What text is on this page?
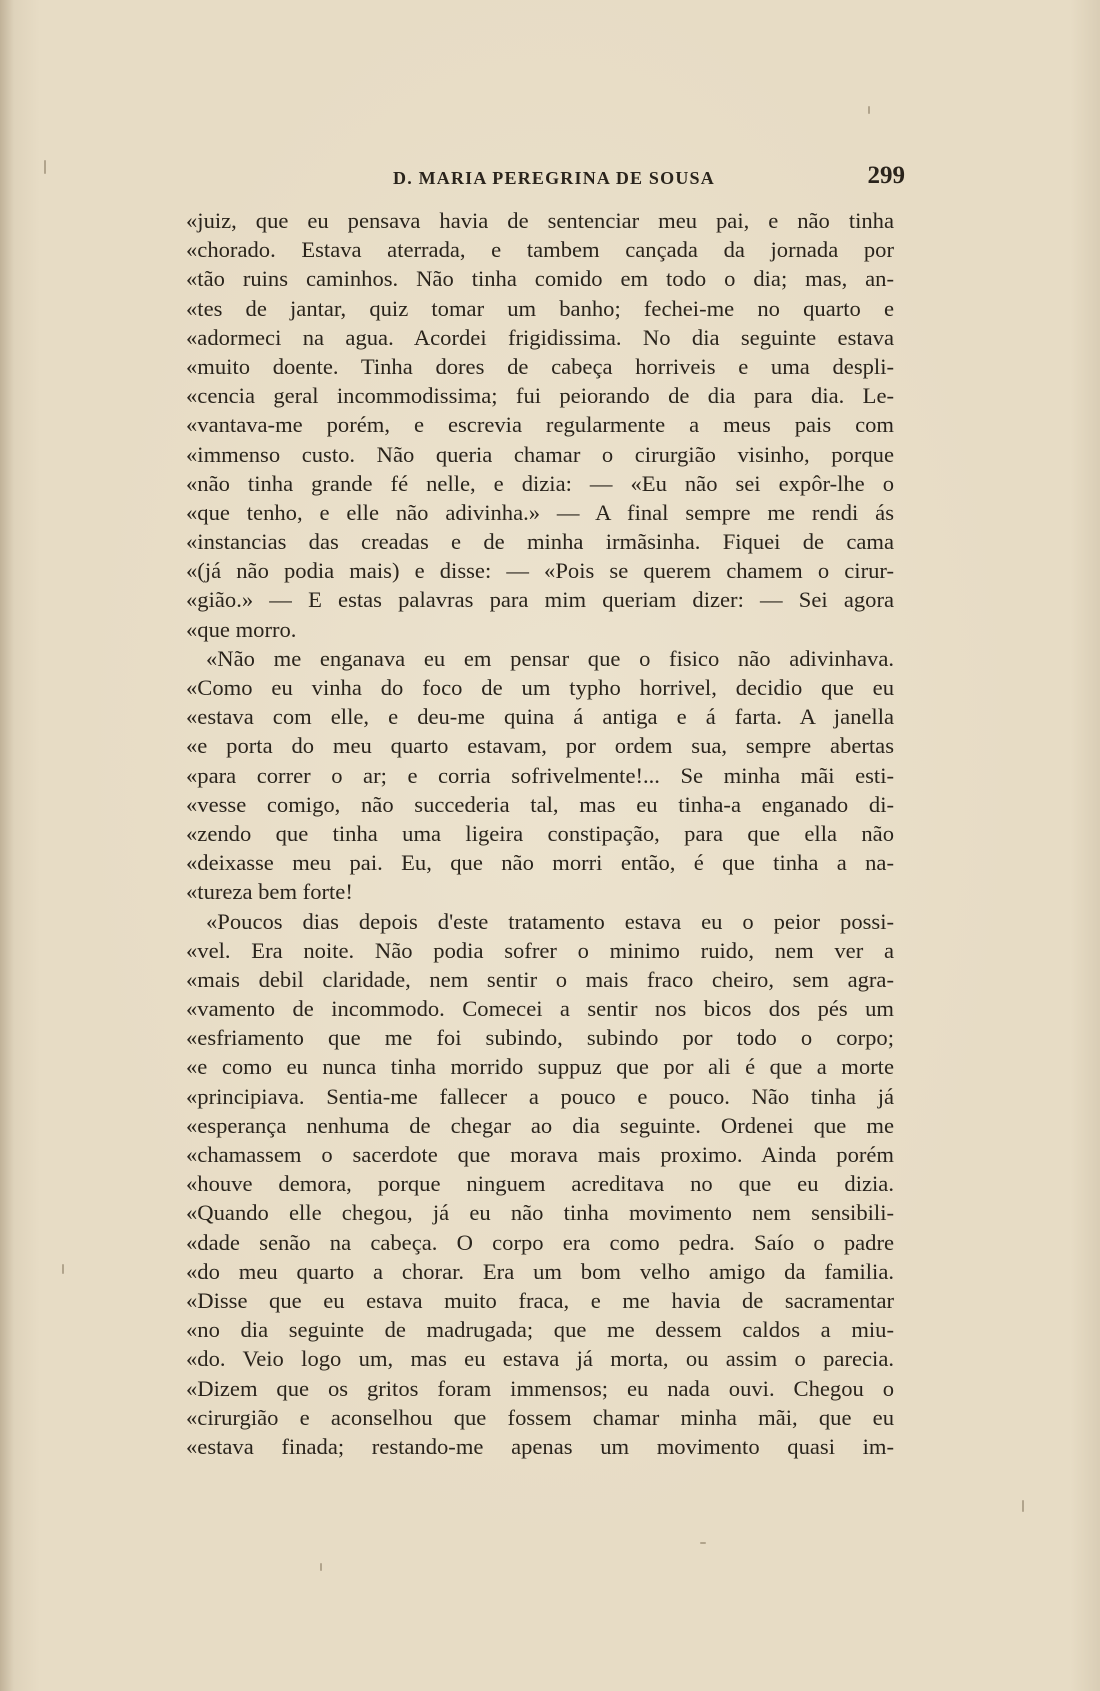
D. MARIA PEREGRINA DE SOUSA	299
«juiz, que eu pensava havia de sentenciar meu pai, e não tinha
«chorado. Estava aterrada, e tambem cançada da jornada por
«tão ruins caminhos. Não tinha comido em todo o dia; mas, an-
«tes de jantar, quiz tomar um banho; fechei-me no quarto e
«adormeci na agua. Acordei frigidissima. No dia seguinte estava
«muito doente. Tinha dores de cabeça horriveis e uma despli-
«cencia geral incommodissima; fui peiorando de dia para dia. Le-
«vantava-me porém, e escrevia regularmente a meus pais com
«immenso custo. Não queria chamar o cirurgião visinho, porque
«não tinha grande fé nelle, e dizia: — «Eu não sei expôr-lhe o
«que tenho, e elle não adivinha.» — A final sempre me rendi ás
«instancias das creadas e de minha irmãsinha. Fiquei de cama
«(já não podia mais) e disse: — «Pois se querem chamem o cirur-
«gião.» — E estas palavras para mim queriam dizer: — Sei agora
«que morro.
«Não me enganava eu em pensar que o fisico não adivinhava.
«Como eu vinha do foco de um typho horrivel, decidio que eu
«estava com elle, e deu-me quina á antiga e á farta. A janella
«e porta do meu quarto estavam, por ordem sua, sempre abertas
«para correr o ar; e corria sofrivelmente!... Se minha mãi esti-
«vesse comigo, não succederia tal, mas eu tinha-a enganado di-
«zendo que tinha uma ligeira constipação, para que ella não
«deixasse meu pai. Eu, que não morri então, é que tinha a na-
«tureza bem forte!
«Poucos dias depois d'este tratamento estava eu o peior possi-
«vel. Era noite. Não podia sofrer o minimo ruido, nem ver a
«mais debil claridade, nem sentir o mais fraco cheiro, sem agra-
«vamento de incommodo. Comecei a sentir nos bicos dos pés um
«esfriamento que me foi subindo, subindo por todo o corpo;
«e como eu nunca tinha morrido suppuz que por ali é que a morte
«principiava. Sentia-me fallecer a pouco e pouco. Não tinha já
«esperança nenhuma de chegar ao dia seguinte. Ordenei que me
«chamassem o sacerdote que morava mais proximo. Ainda porém
«houve demora, porque ninguem acreditava no que eu dizia.
«Quando elle chegou, já eu não tinha movimento nem sensibili-
«dade senão na cabeça. O corpo era como pedra. Saío o padre
«do meu quarto a chorar. Era um bom velho amigo da familia.
«Disse que eu estava muito fraca, e me havia de sacramentar
«no dia seguinte de madrugada; que me dessem caldos a miu-
«do. Veio logo um, mas eu estava já morta, ou assim o parecia.
«Dizem que os gritos foram immensos; eu nada ouvi. Chegou o
«cirurgião e aconselhou que fossem chamar minha mãi, que eu
«estava finada; restando-me apenas um movimento quasi im-
